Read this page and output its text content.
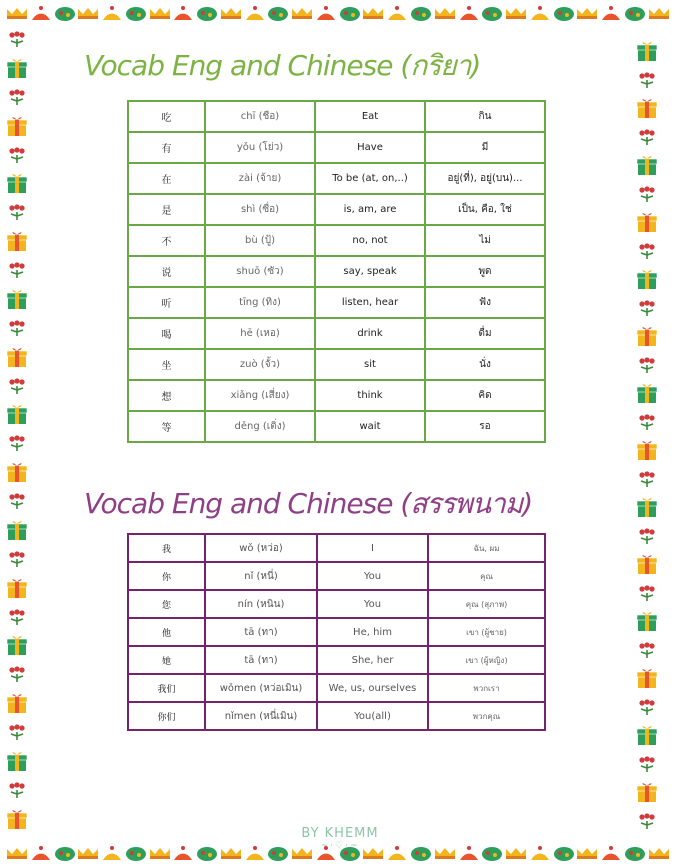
Vocab Eng and Chinese (กริยา)
Vocab Eng and Chinese (สรรพนาม)
吃	chī (ชือ)	Eat	กิน
有	yǒu (โย่ว)	Have	มี
在	zài (จ้าย)	To be (at, on,..)	อยู่(ที่), อยู่(บน)...
是	shì (ซื่อ)	is, am, are	เป็น, คือ, ใช่
不	bù (ปู้)	no, not	ไม่
说	shuō (ซัว)	say, speak	พูด
听	tīng (ทิง)	listen, hear	ฟัง
喝	hē (เหอ)	drink	ดื่ม
坐	zuò (จั้ว)	sit	นั่ง
想	xiǎng (เสี่ยง)	think	คิด
等	děng (เติ่ง)	wait	รอ
我	wǒ (หว่อ)	I	ฉัน, ผม
你	nǐ (หนี่)	You	คุณ
您	nín (หนิน)	You	คุณ (สุภาพ)
他	tā (ทา)	He, him	เขา (ผู้ชาย)
她	tā (ทา)	She, her	เขา (ผู้หญิง)
我们	wǒmen (หว่อเมิน)	We, us, ourselves	พวกเรา
你们	nǐmen (หนี่เมิน)	You(all)	พวกคุณ
BY KHEMM
~·♡·~
